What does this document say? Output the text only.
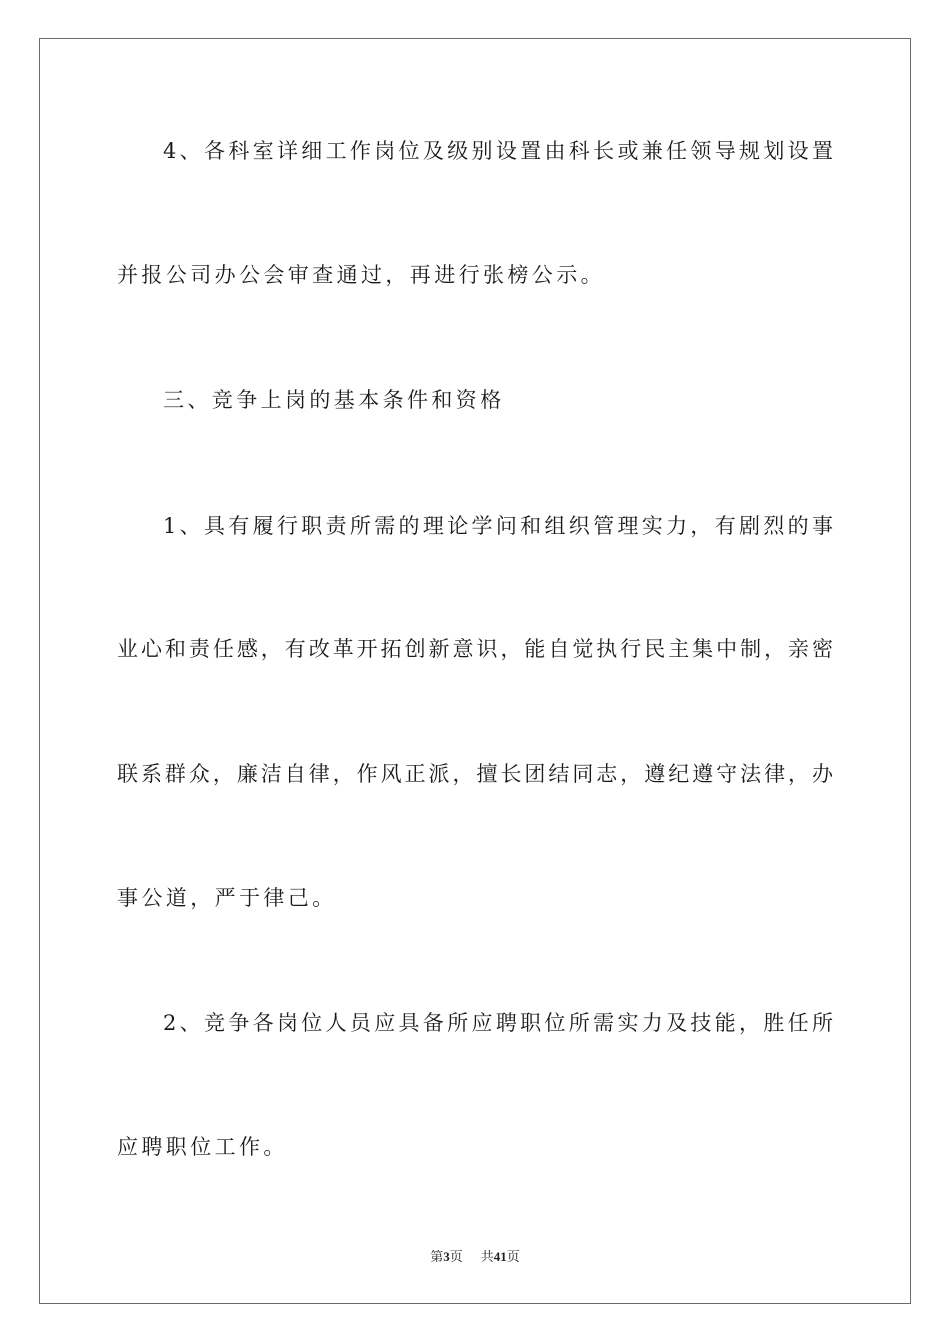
4、各科室详细工作岗位及级别设置由科长或兼任领导规划设置
并报公司办公会审查通过，再进行张榜公示。
三、竞争上岗的基本条件和资格
1、具有履行职责所需的理论学问和组织管理实力，有剧烈的事
业心和责任感，有改革开拓创新意识，能自觉执行民主集中制，亲密
联系群众，廉洁自律，作风正派，擅长团结同志，遵纪遵守法律，办
事公道，严于律己。
2、竞争各岗位人员应具备所应聘职位所需实力及技能，胜任所
应聘职位工作。
第3页 共41页
